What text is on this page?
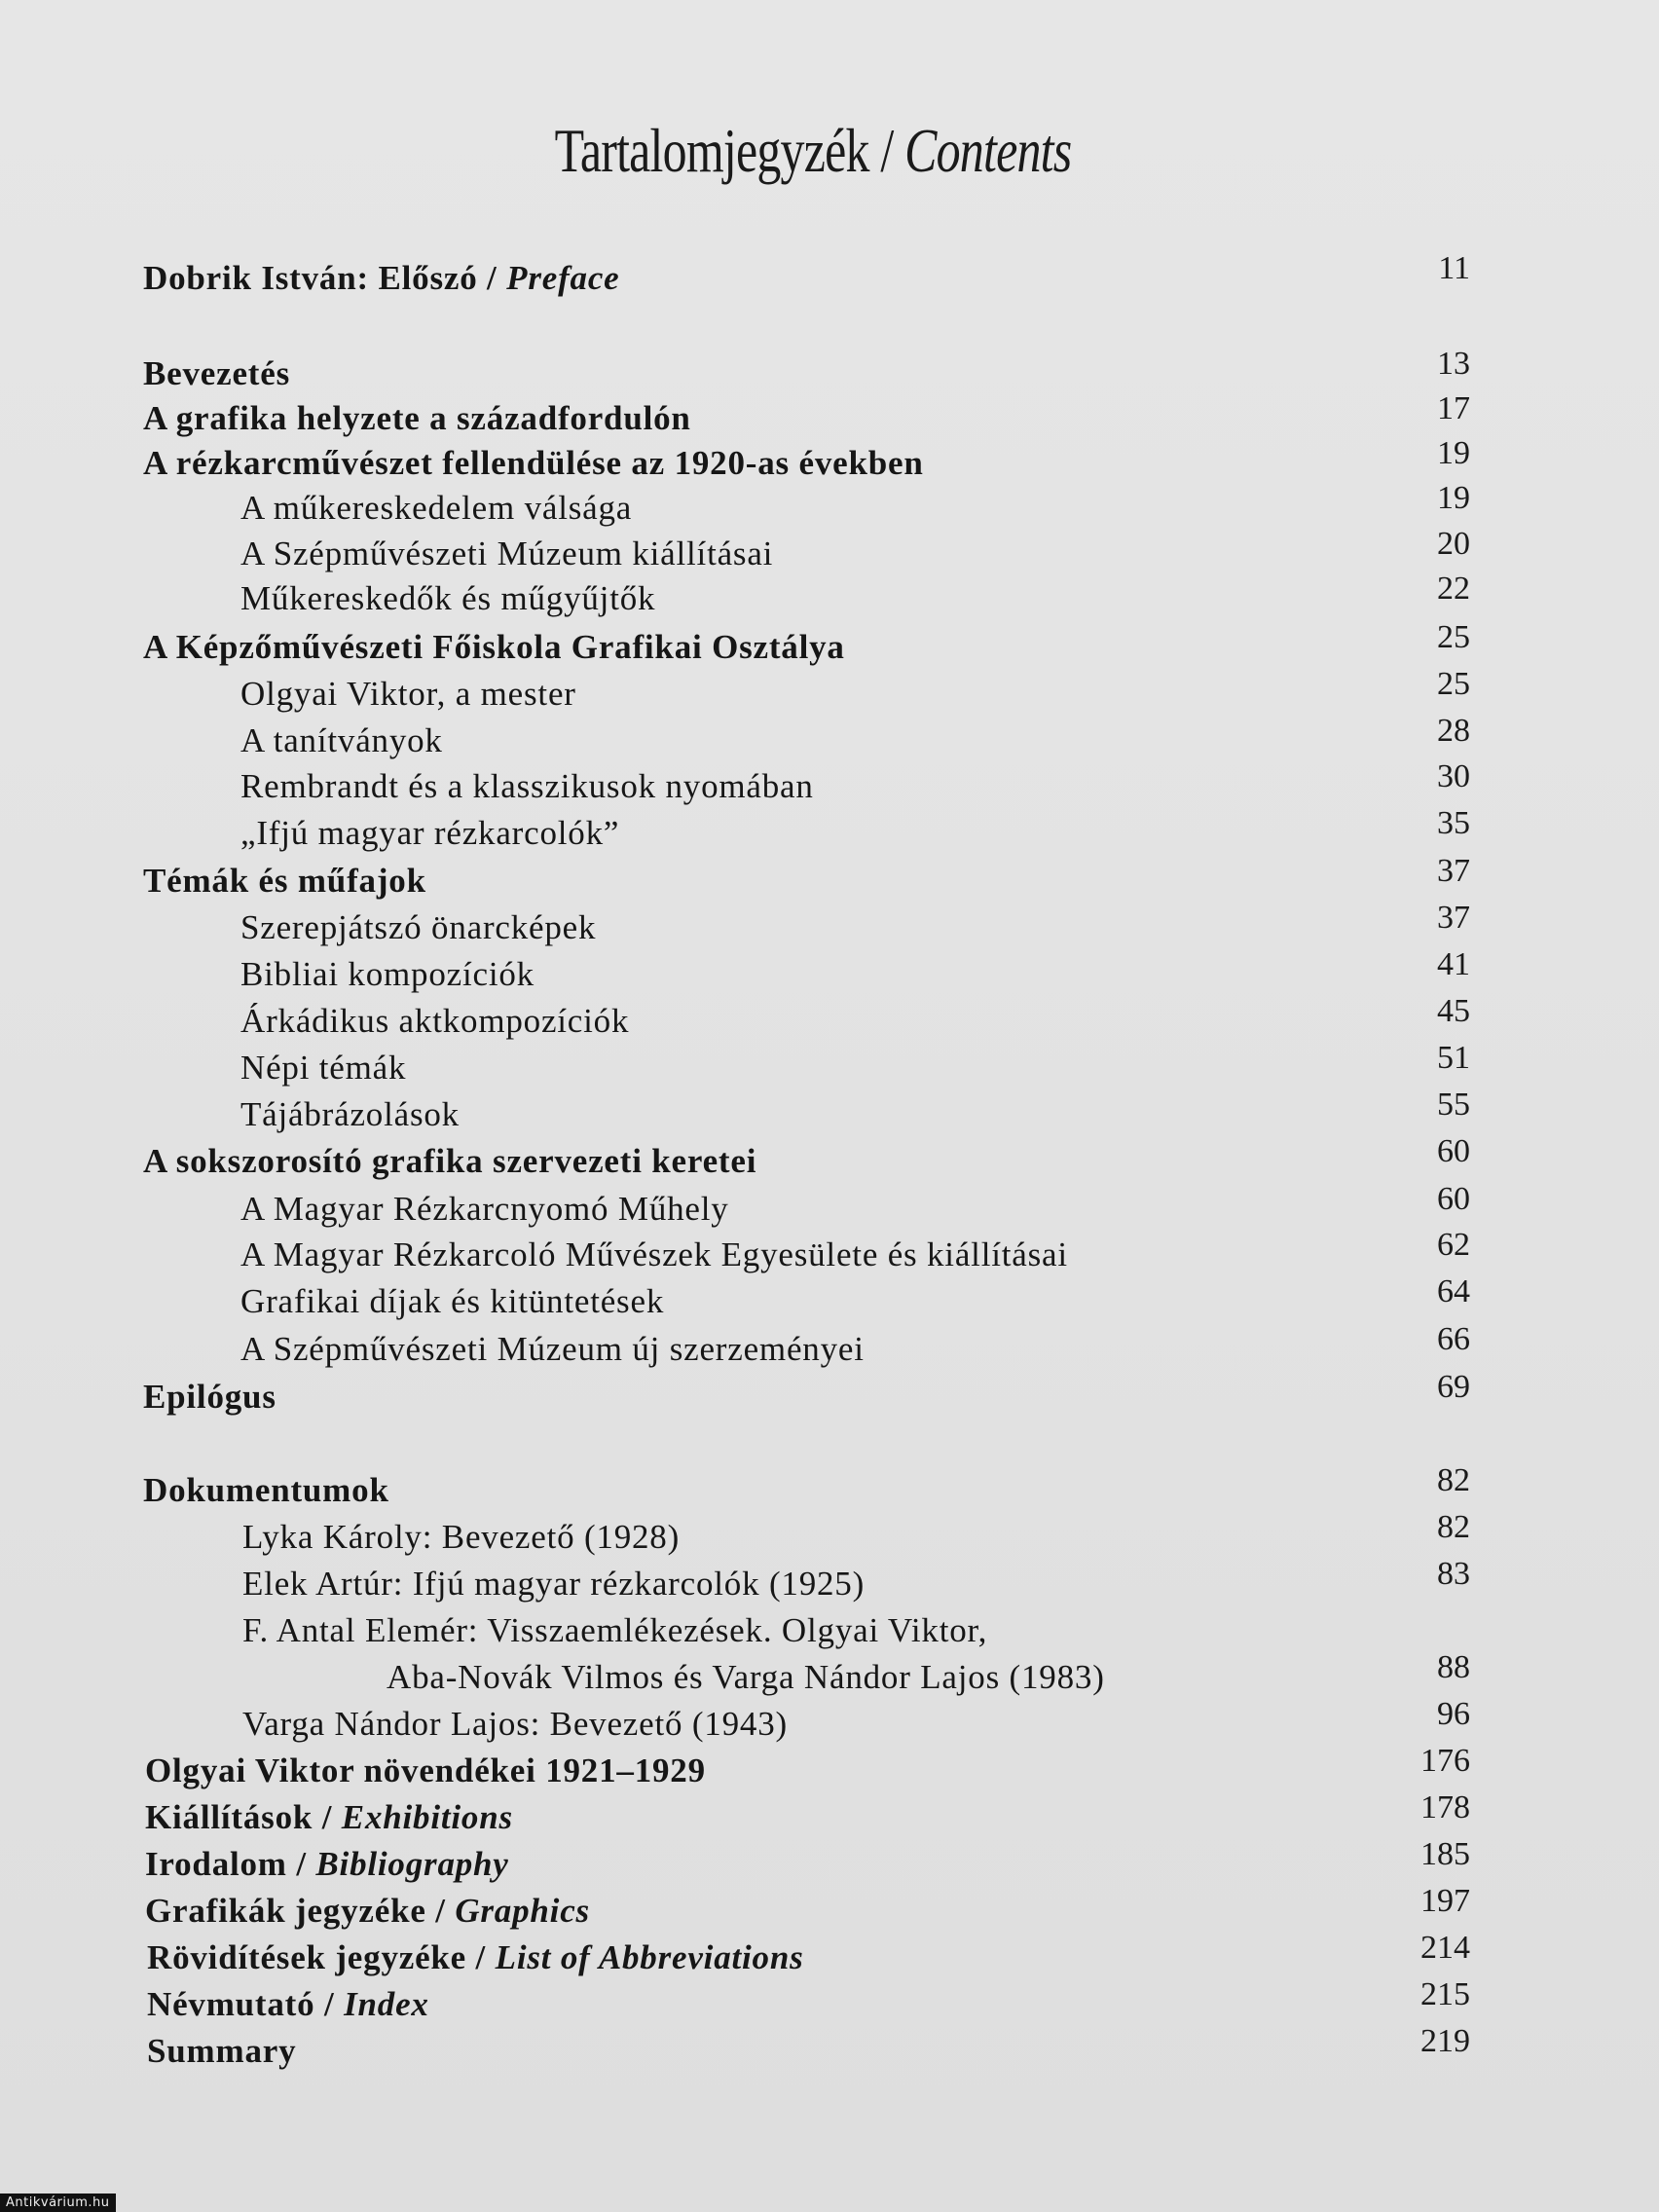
Tartalomjegyzék / Contents
Dobrik István: Előszó / Preface	11
Bevezetés	13
A grafika helyzete a századfordulón	17
A rézkarcművészet fellendülése az 1920-as években	19
A műkereskedelem válsága	19
A Szépművészeti Múzeum kiállításai	20
Műkereskedők és műgyűjtők	22
A Képzőművészeti Főiskola Grafikai Osztálya	25
Olgyai Viktor, a mester	25
A tanítványok	28
Rembrandt és a klasszikusok nyomában	30
„Ifjú magyar rézkarcolók”	35
Témák és műfajok	37
Szerepjátszó önarcképek	37
Bibliai kompozíciók	41
Árkádikus aktkompozíciók	45
Népi témák	51
Tájábrázolások	55
A sokszorosító grafika szervezeti keretei	60
A Magyar Rézkarcnyomó Műhely	60
A Magyar Rézkarcoló Művészek Egyesülete és kiállításai	62
Grafikai díjak és kitüntetések	64
A Szépművészeti Múzeum új szerzeményei	66
Epilógus	69
Dokumentumok	82
Lyka Károly: Bevezető (1928)	82
Elek Artúr: Ifjú magyar rézkarcolók (1925)	83
F. Antal Elemér: Visszaemlékezések. Olgyai Viktor,
Aba-Novák Vilmos és Varga Nándor Lajos (1983)	88
Varga Nándor Lajos: Bevezető (1943)	96
Olgyai Viktor növendékei 1921–1929	176
Kiállítások / Exhibitions	178
Irodalom / Bibliography	185
Grafikák jegyzéke / Graphics	197
Rövidítések jegyzéke / List of Abbreviations	214
Névmutató / Index	215
Summary	219
Antikvárium.hu
